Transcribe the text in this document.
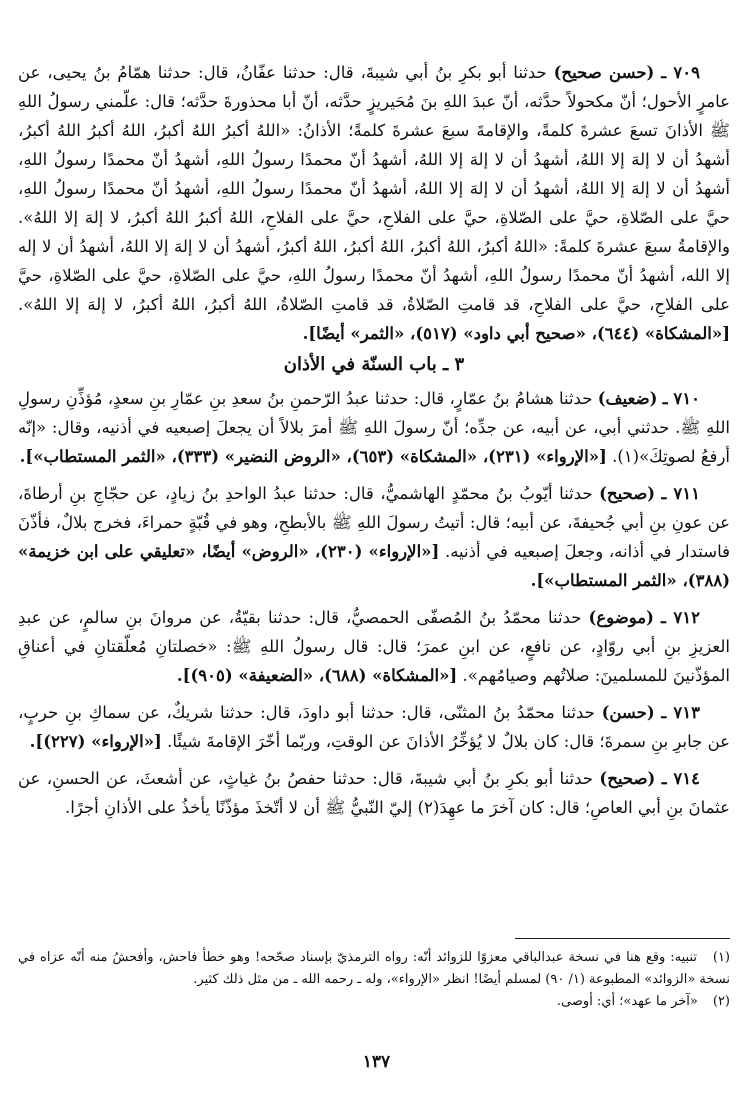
٧٠٩ ـ (حسن صحيح) حدثنا أبو بكرِ بنُ أبي شيبةَ، قال: حدثنا عفّانُ، قال: حدثنا همّامُ بنُ يحيى، عن عامرٍ الأحول؛ أنّ مكحولاً حدَّثه، أنّ عبدَ اللهِ بنَ مُحَيريزٍ حدَّثه، أنّ أبا محذورةَ حدَّثه؛ قال: علّمني رسولُ اللهِ ﷺ الأذانَ تسعَ عشرةَ كلمةً، والإقامةَ سبعَ عشرةَ كلمةً؛ الأذانُ: «اللهُ أكبرُ اللهُ أكبرُ، اللهُ أكبرُ اللهُ أكبرُ، أشهدُ أن لا إلهَ إلا اللهُ، أشهدُ أن لا إلهَ إلا اللهُ، أشهدُ أنّ محمدًا رسولُ اللهِ، أشهدُ أنّ محمدًا رسولُ اللهِ، أشهدُ أن لا إلهَ إلا اللهُ، أشهدُ أن لا إلهَ إلا اللهُ، أشهدُ أنّ محمدًا رسولُ اللهِ، أشهدُ أنّ محمدًا رسولُ اللهِ، حيَّ على الصّلاةِ، حيَّ على الصّلاةِ، حيَّ على الفلاحِ، حيَّ على الفلاحِ، اللهُ أكبرُ اللهُ أكبرُ، لا إلهَ إلا اللهُ». والإقامةُ سبعَ عشرةَ كلمةً: «اللهُ أكبرُ، اللهُ أكبرُ، اللهُ أكبرُ، اللهُ أكبرُ، أشهدُ أن لا إلهَ إلا اللهُ، أشهدُ أن لا إله إلا الله، أشهدُ أنّ محمدًا رسولُ اللهِ، أشهدُ أنّ محمدًا رسولُ اللهِ، حيَّ على الصّلاةِ، حيَّ على الصّلاةِ، حيَّ على الفلاحِ، حيَّ على الفلاحِ، قد قامتِ الصّلاةُ، قد قامتِ الصّلاةُ، اللهُ أكبرُ، اللهُ أكبرُ، لا إلهَ إلا اللهُ». [«المشكاة» (٦٤٤)، «صحيح أبي داود» (٥١٧)، «الثمر» أيضًا].

٣ ـ باب السنّة في الأذان

٧١٠ ـ (ضعيف) حدثنا هشامُ بنُ عمّارٍ، قال: حدثنا عبدُ الرّحمنِ بنُ سعدِ بنِ عمّارِ بنِ سعدٍ، مُؤذِّنِ رسولِ اللهِ ﷺ. حدثني أبي، عن أبيه، عن جدِّه؛ أنّ رسولَ اللهِ ﷺ أمرَ بلالاً أن يجعلَ إصبعيه في أذنيه، وقال: «إنّه أرفعُ لصوتِكَ»(١). [«الإرواء» (٢٣١)، «المشكاة» (٦٥٣)، «الروض النضير» (٣٣٣)، «الثمر المستطاب»].

٧١١ ـ (صحيح) حدثنا أيّوبُ بنُ محمّدٍ الهاشميُّ، قال: حدثنا عبدُ الواحدِ بنُ زيادٍ، عن حجّاجِ بنِ أرطاةَ، عن عونِ بنِ أبي جُحيفةَ، عن أبيه؛ قال: أتيتُ رسولَ اللهِ ﷺ بالأبطحِ، وهو في قُبّةٍ حمراءَ، فخرج بلالٌ، فأذّنَ فاستدار في أذانه، وجعلَ إصبعيه في أذنيه. [«الإرواء» (٢٣٠)، «الروض» أيضًا، «تعليقي على ابن خزيمة» (٣٨٨)، «الثمر المستطاب»].

٧١٢ ـ (موضوع) حدثنا محمّدُ بنُ المُصفّى الحمصيُّ، قال: حدثنا بقيّةُ، عن مروانَ بنِ سالمٍ، عن عبدِ العزيزِ بنِ أبي روّادٍ، عن نافعٍ، عن ابنِ عمرَ؛ قال: قال رسولُ اللهِ ﷺ: «خصلتانِ مُعلّقتانِ في أعناقِ المؤذّنينَ للمسلمينَ: صلاتُهم وصيامُهم». [«المشكاة» (٦٨٨)، «الضعيفة» (٩٠٥)].

٧١٣ ـ (حسن) حدثنا محمّدُ بنُ المثنّى، قال: حدثنا أبو داودَ، قال: حدثنا شريكٌ، عن سماكِ بنِ حربٍ، عن جابرِ بنِ سمرةَ؛ قال: كان بلالٌ لا يُؤخِّرُ الأذانَ عن الوقتِ، وربّما أخّرَ الإقامةَ شيئًا. [«الإرواء» (٢٢٧)].

٧١٤ ـ (صحيح) حدثنا أبو بكرِ بنُ أبي شيبةَ، قال: حدثنا حفصُ بنُ غياثٍ، عن أشعثَ، عن الحسنِ، عن عثمانَ بنِ أبي العاصِ؛ قال: كان آخرَ ما عهِدَ(٢) إليّ النّبيُّ ﷺ أن لا أتّخذَ مؤذّنًا يأخذُ على الأذانِ أجرًا.

(١) تنبيه: وقع هنا في نسخة عبدالباقي معزوًا للزوائد أنّه: رواه الترمذيّ بإسناد صحّحه! وهو خطأ فاحش، وأفحشُ منه أنّه عزاه في نسخة «الزوائد» المطبوعة (١/ ٩٠) لمسلم أيضًا! انظر «الإرواء»، وله ـ رحمه الله ـ من مثل ذلك كثير.

(٢) «آخر ما عهد»؛ أي: أوصى.

١٣٧
